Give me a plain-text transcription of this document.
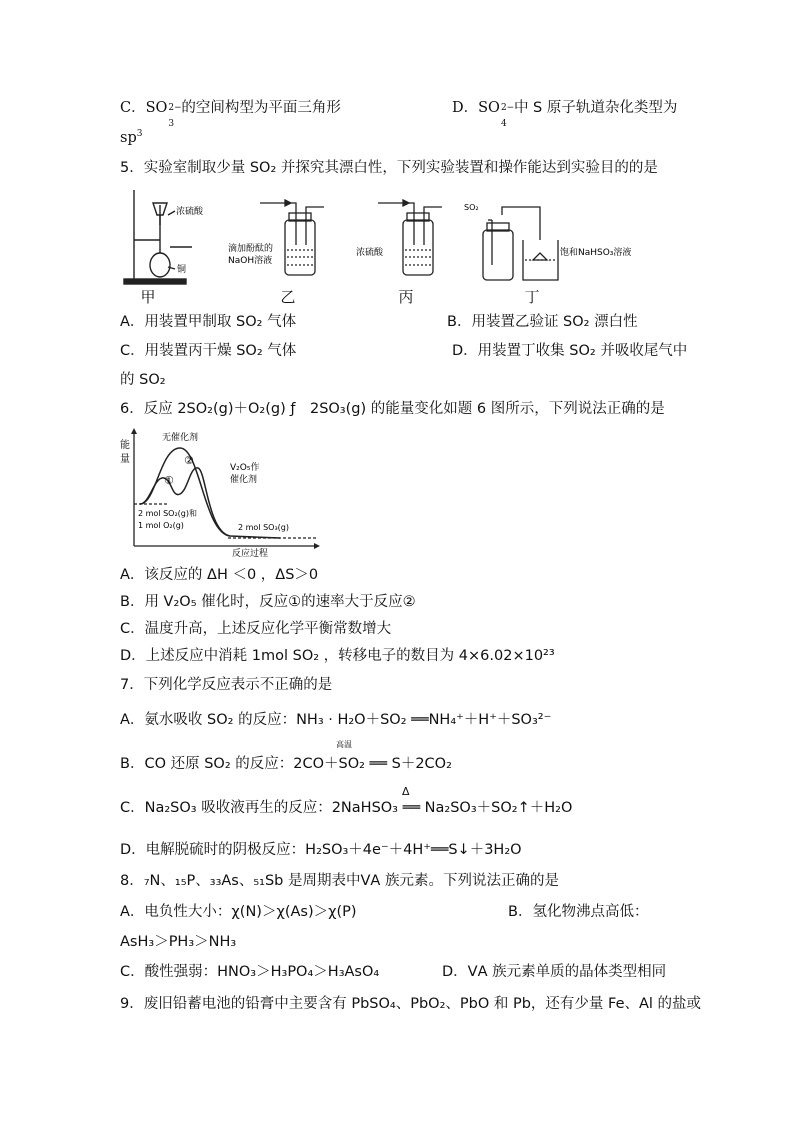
C．SO 2−
3
的空间构型为平面三角形	D．SO 2−
4
中 S 原子轨道杂化类型为
$sp^3$
5．实验室制取少量 SO₂ 并探究其漂白性，下列实验装置和操作能达到实验目的的是
浓硫酸
铜
滴加酚酞的
NaOH溶液
浓硫酸
SO₂
饱和NaHSO₃溶液
甲	乙	丙	丁
A．用装置甲制取 SO₂ 气体	B．用装置乙验证 SO₂ 漂白性
C．用装置丙干燥 SO₂ 气体	D．用装置丁收集 SO₂ 并吸收尾气中
的 SO₂
6．反应 2SO₂(g)＋O₂(g) ƒ　2SO₃(g) 的能量变化如题 6 图所示，下列说法正确的是
无催化剂
V₂O₅作
催化剂
①
②
2 mol SO₂(g)和
1 mol O₂(g)	2 mol SO₃(g)
反应过程
能
量
A．该反应的 ΔH ＜0 ，ΔS＞0
B．用 V₂O₅ 催化时，反应①的速率大于反应②
C．温度升高，上述反应化学平衡常数增大
D．上述反应中消耗 1mol SO₂ ，转移电子的数目为 4×6.02×10²³
7．下列化学反应表示不正确的是
A．氨水吸收 SO₂ 的反应：NH₃ · H₂O＋SO₂ ══NH₄⁺＋H⁺＋SO₃²⁻
B．CO 还原 SO₂ 的反应：2CO＋SO₂ ══ S＋2CO₂
高温
C．Na₂SO₃ 吸收液再生的反应：2NaHSO₃ ══ Na₂SO₃＋SO₂↑＋H₂O
Δ
D．电解脱硫时的阴极反应：H₂SO₃＋4e⁻＋4H⁺══S↓＋3H₂O
8．₇N、₁₅P、₃₃As、₅₁Sb 是周期表中ⅤA 族元素。下列说法正确的是
A．电负性大小：χ(N)＞χ(As)＞χ(P)	B．氢化物沸点高低：
AsH₃＞PH₃＞NH₃
C．酸性强弱：HNO₃＞H₃PO₄＞H₃AsO₄	D．ⅤA 族元素单质的晶体类型相同
9．废旧铅蓄电池的铅膏中主要含有 PbSO₄、PbO₂、PbO 和 Pb，还有少量 Fe、Al 的盐或
